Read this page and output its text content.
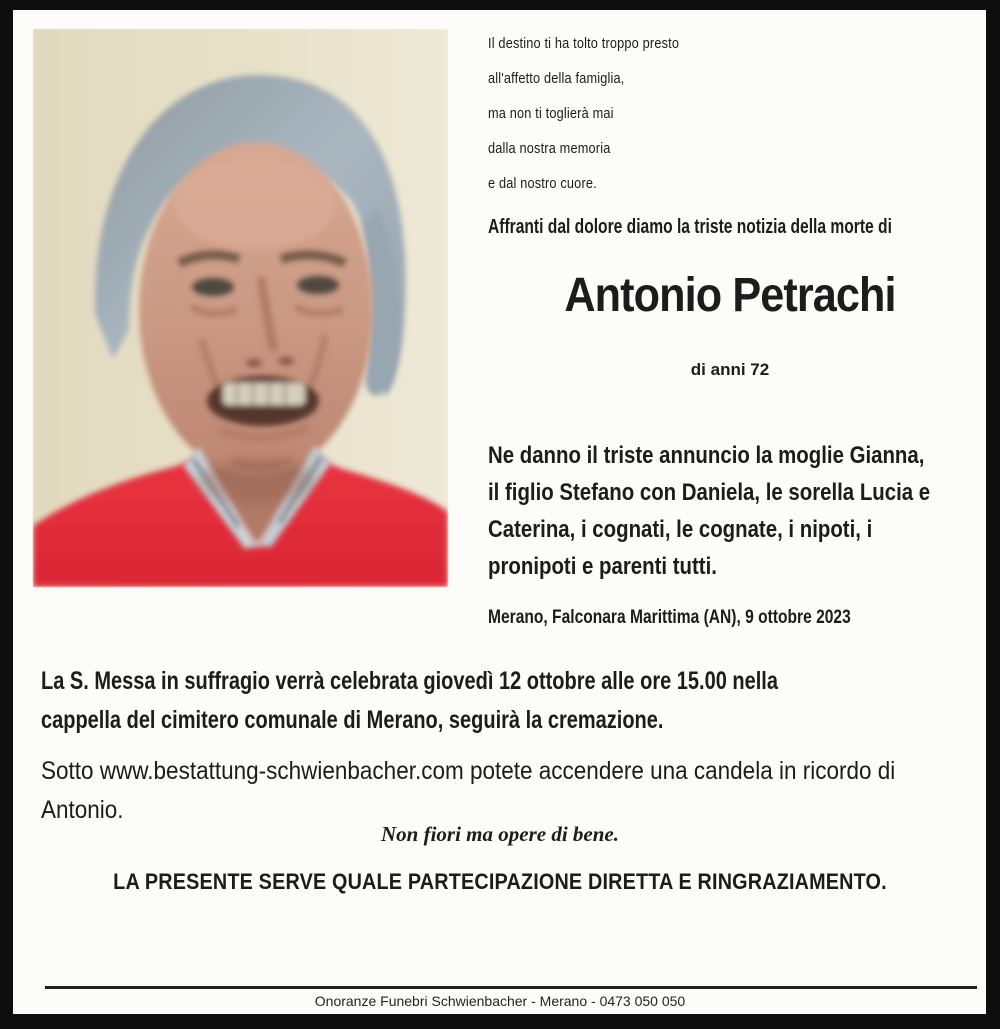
Il destino ti ha tolto troppo presto
all'affetto della famiglia,
ma non ti toglierà mai
dalla nostra memoria
e dal nostro cuore.
Affranti dal dolore diamo la triste notizia della morte di
Antonio Petrachi
di anni 72
Ne danno il triste annuncio la moglie Gianna,
il figlio Stefano con Daniela, le sorella Lucia e
Caterina, i cognati, le cognate, i nipoti, i
pronipoti e parenti tutti.
Merano, Falconara Marittima (AN), 9 ottobre 2023
La S. Messa in suffragio verrà celebrata giovedì 12 ottobre alle ore 15.00 nella
cappella del cimitero comunale di Merano, seguirà la cremazione.
Sotto www.bestattung-schwienbacher.com potete accendere una candela in ricordo di
Antonio.
Non fiori ma opere di bene.
LA PRESENTE SERVE QUALE PARTECIPAZIONE DIRETTA E RINGRAZIAMENTO.
Onoranze Funebri Schwienbacher - Merano - 0473 050 050
